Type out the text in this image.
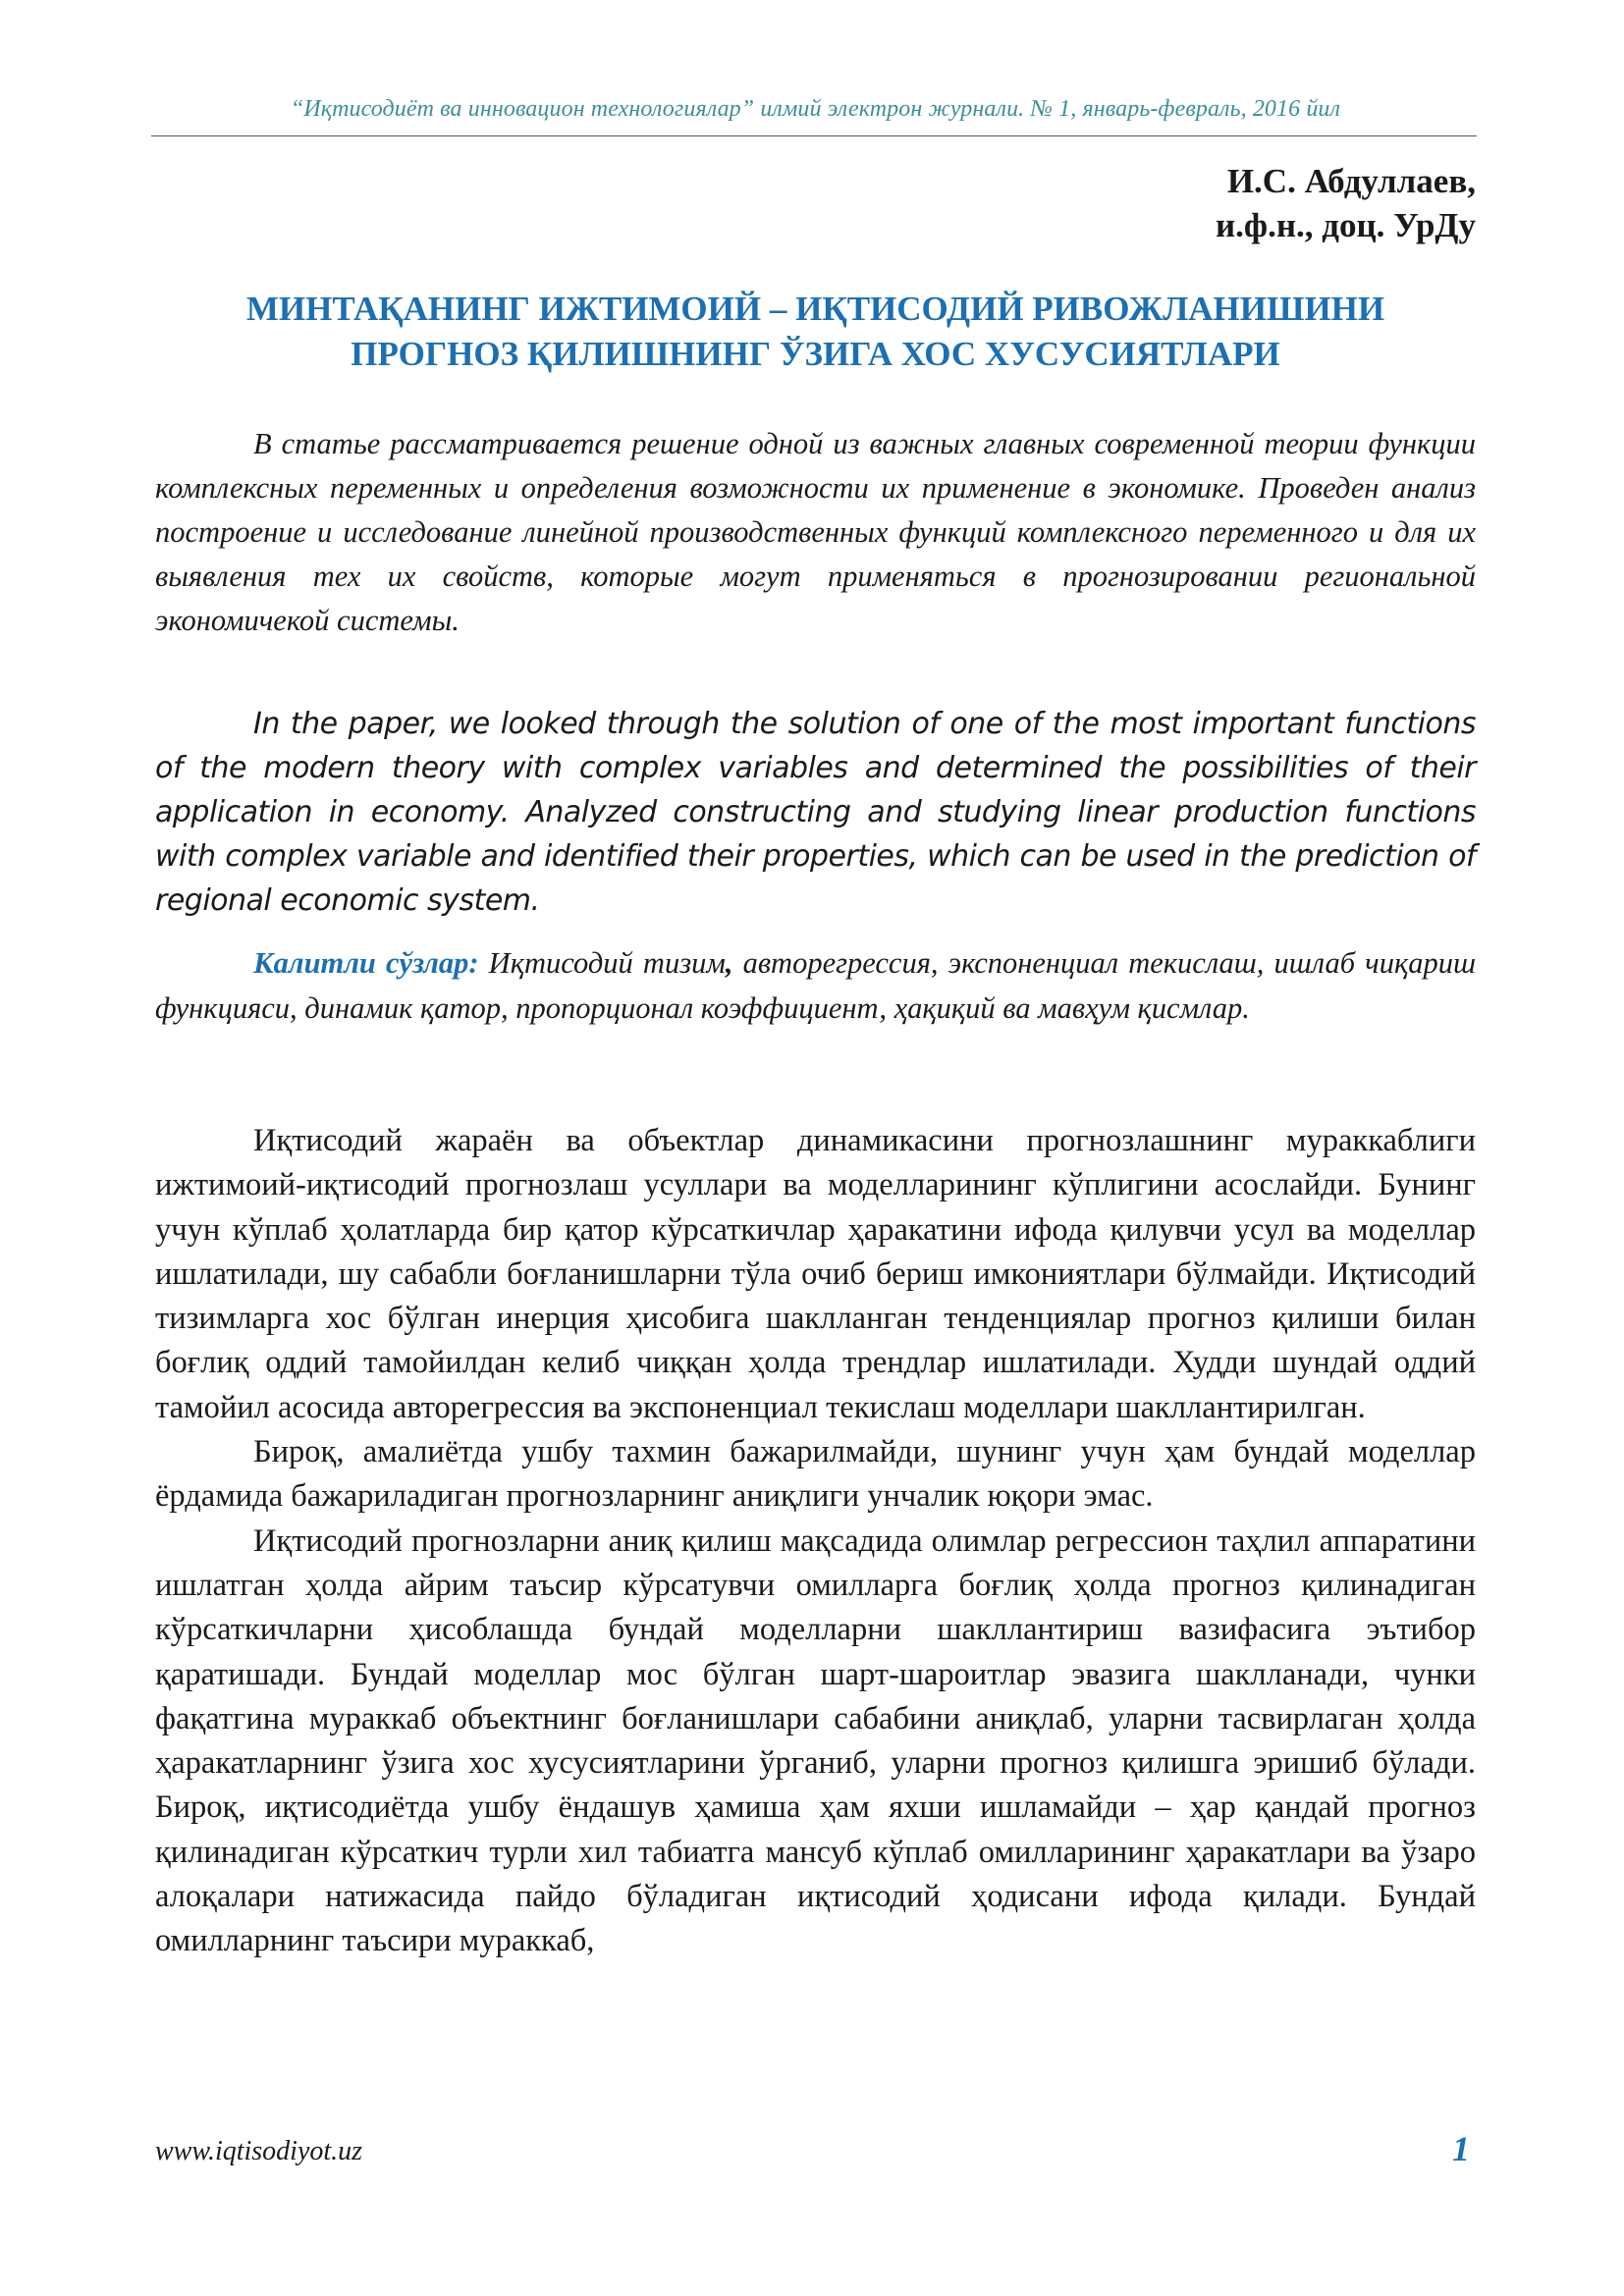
“Иқтисодиёт ва инновацион технологиялар” илмий электрон журнали. № 1, январь-февраль, 2016 йил
И.С. Абдуллаев,
и.ф.н., доц. УрДу
МИНТАҚАНИНГ ИЖТИМОИЙ – ИҚТИСОДИЙ РИВОЖЛАНИШИНИ
ПРОГНОЗ ҚИЛИШНИНГ ЎЗИГА ХОС ХУСУСИЯТЛАРИ
В статье рассматривается решение одной из важных главных современной теории функции комплексных переменных и определения возможности их применение в экономике. Проведен анализ построение и исследование линейной производственных функций комплексного переменного и для их выявления тех их свойств, которые могут применяться в прогнозировании региональной экономичекой системы.
In the paper, we looked through the solution of one of the most important functions of the modern theory with complex variables and determined the possibilities of their application in economy. Analyzed constructing and studying linear production functions with complex variable and identified their properties, which can be used in the prediction of regional economic system.
Калитли сўзлар: Иқтисодий тизим, авторегрессия, экспоненциал текислаш, ишлаб чиқариш функцияси, динамик қатор, пропорционал коэффициент, ҳақиқий ва мавҳум қисмлар.

Иқтисодий жараён ва объектлар динамикасини прогнозлашнинг мураккаблиги ижтимоий-иқтисодий прогнозлаш усуллари ва моделларининг кўплигини асослайди. Бунинг учун кўплаб ҳолатларда бир қатор кўрсаткичлар ҳаракатини ифода қилувчи усул ва моделлар ишлатилади, шу сабабли боғланишларни тўла очиб бериш имкониятлари бўлмайди. Иқтисодий тизимларга хос бўлган инерция ҳисобига шаклланган тенденциялар прогноз қилиши билан боғлиқ оддий тамойилдан келиб чиққан ҳолда трендлар ишлатилади. Худди шундай оддий тамойил асосида авторегрессия ва экспоненциал текислаш моделлари шакллантирилган.

Бироқ, амалиётда ушбу тахмин бажарилмайди, шунинг учун ҳам бундай моделлар ёрдамида бажариладиган прогнозларнинг аниқлиги унчалик юқори эмас.

Иқтисодий прогнозларни аниқ қилиш мақсадида олимлар регрессион таҳлил аппаратини ишлатган ҳолда айрим таъсир кўрсатувчи омилларга боғлиқ ҳолда прогноз қилинадиган кўрсаткичларни ҳисоблашда бундай моделларни шакллантириш вазифасига эътибор қаратишади. Бундай моделлар мос бўлган шарт-шароитлар эвазига шаклланади, чунки фақатгина мураккаб объектнинг боғланишлари сабабини аниқлаб, уларни тасвирлаган ҳолда ҳаракатларнинг ўзига хос хусусиятларини ўрганиб, уларни прогноз қилишга эришиб бўлади. Бироқ, иқтисодиётда ушбу ёндашув ҳамиша ҳам яхши ишламайди – ҳар қандай прогноз қилинадиган кўрсаткич турли хил табиатга мансуб кўплаб омилларининг ҳаракатлари ва ўзаро алоқалари натижасида пайдо бўладиган иқтисодий ҳодисани ифода қилади. Бундай омилларнинг таъсири мураккаб,

www.iqtisodiyot.uz	1
